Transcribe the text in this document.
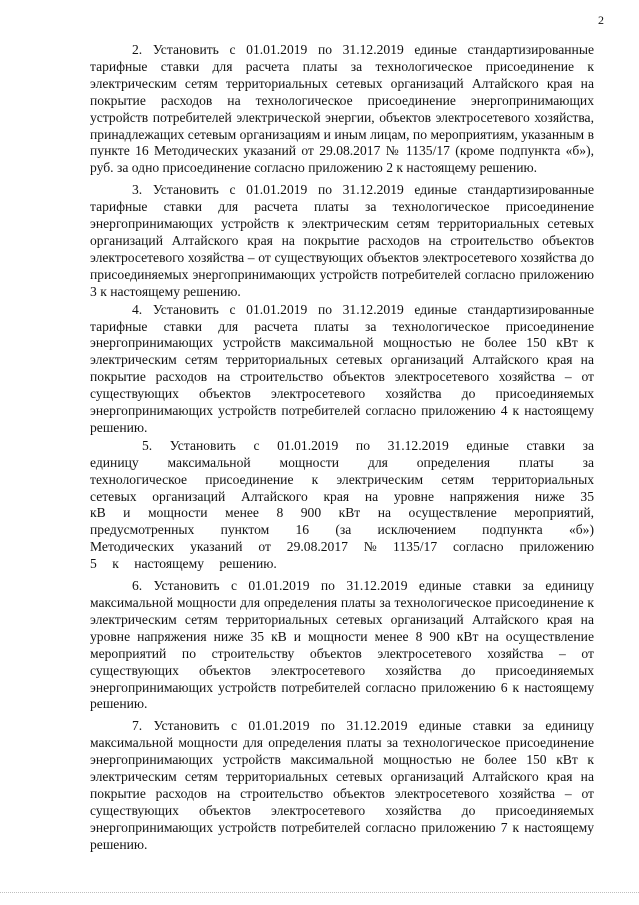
2

2. Установить с 01.01.2019 по 31.12.2019 единые стандартизированные тарифные ставки для расчета платы за технологическое присоединение к электрическим сетям территориальных сетевых организаций Алтайского края на покрытие расходов на технологическое присоединение энергопринимающих устройств потребителей электрической энергии, объектов электросетевого хозяйства, принадлежащих сетевым организациям и иным лицам, по мероприятиям, указанным в пункте 16 Методических указаний от 29.08.2017 № 1135/17 (кроме подпункта «б»), руб. за одно присоединение согласно приложению 2 к настоящему решению.

3. Установить с 01.01.2019 по 31.12.2019 единые стандартизированные тарифные ставки для расчета платы за технологическое присоединение энергопринимающих устройств к электрическим сетям территориальных сетевых организаций Алтайского края на покрытие расходов на строительство объектов электросетевого хозяйства – от существующих объектов электросетевого хозяйства до присоединяемых энергопринимающих устройств потребителей согласно приложению 3 к настоящему решению.

4. Установить с 01.01.2019 по 31.12.2019 единые стандартизированные тарифные ставки для расчета платы за технологическое присоединение энергопринимающих устройств максимальной мощностью не более 150 кВт к электрическим сетям территориальных сетевых организаций Алтайского края на покрытие расходов на строительство объектов электросетевого хозяйства – от существующих объектов электросетевого хозяйства до присоединяемых энергопринимающих устройств потребителей согласно приложению 4 к настоящему решению.

5. Установить с 01.01.2019 по 31.12.2019 единые ставки за единицу максимальной мощности для определения платы за технологическое присоединение к электрическим сетям территориальных сетевых организаций Алтайского края на уровне напряжения ниже 35 кВ и мощности менее 8 900 кВт на осуществление мероприятий, предусмотренных пунктом 16 (за исключением подпункта «б») Методических указаний от 29.08.2017 № 1135/17 согласно приложению 5 к настоящему решению.

6. Установить с 01.01.2019 по 31.12.2019 единые ставки за единицу максимальной мощности для определения платы за технологическое присоединение к электрическим сетям территориальных сетевых организаций Алтайского края на уровне напряжения ниже 35 кВ и мощности менее 8 900 кВт на осуществление мероприятий по строительству объектов электросетевого хозяйства – от существующих объектов электросетевого хозяйства до присоединяемых энергопринимающих устройств потребителей согласно приложению 6 к настоящему решению.

7. Установить с 01.01.2019 по 31.12.2019 единые ставки за единицу максимальной мощности для определения платы за технологическое присоединение энергопринимающих устройств максимальной мощностью не более 150 кВт к электрическим сетям территориальных сетевых организаций Алтайского края на покрытие расходов на строительство объектов электросетевого хозяйства – от существующих объектов электросетевого хозяйства до присоединяемых энергопринимающих устройств потребителей согласно приложению 7 к настоящему решению.
